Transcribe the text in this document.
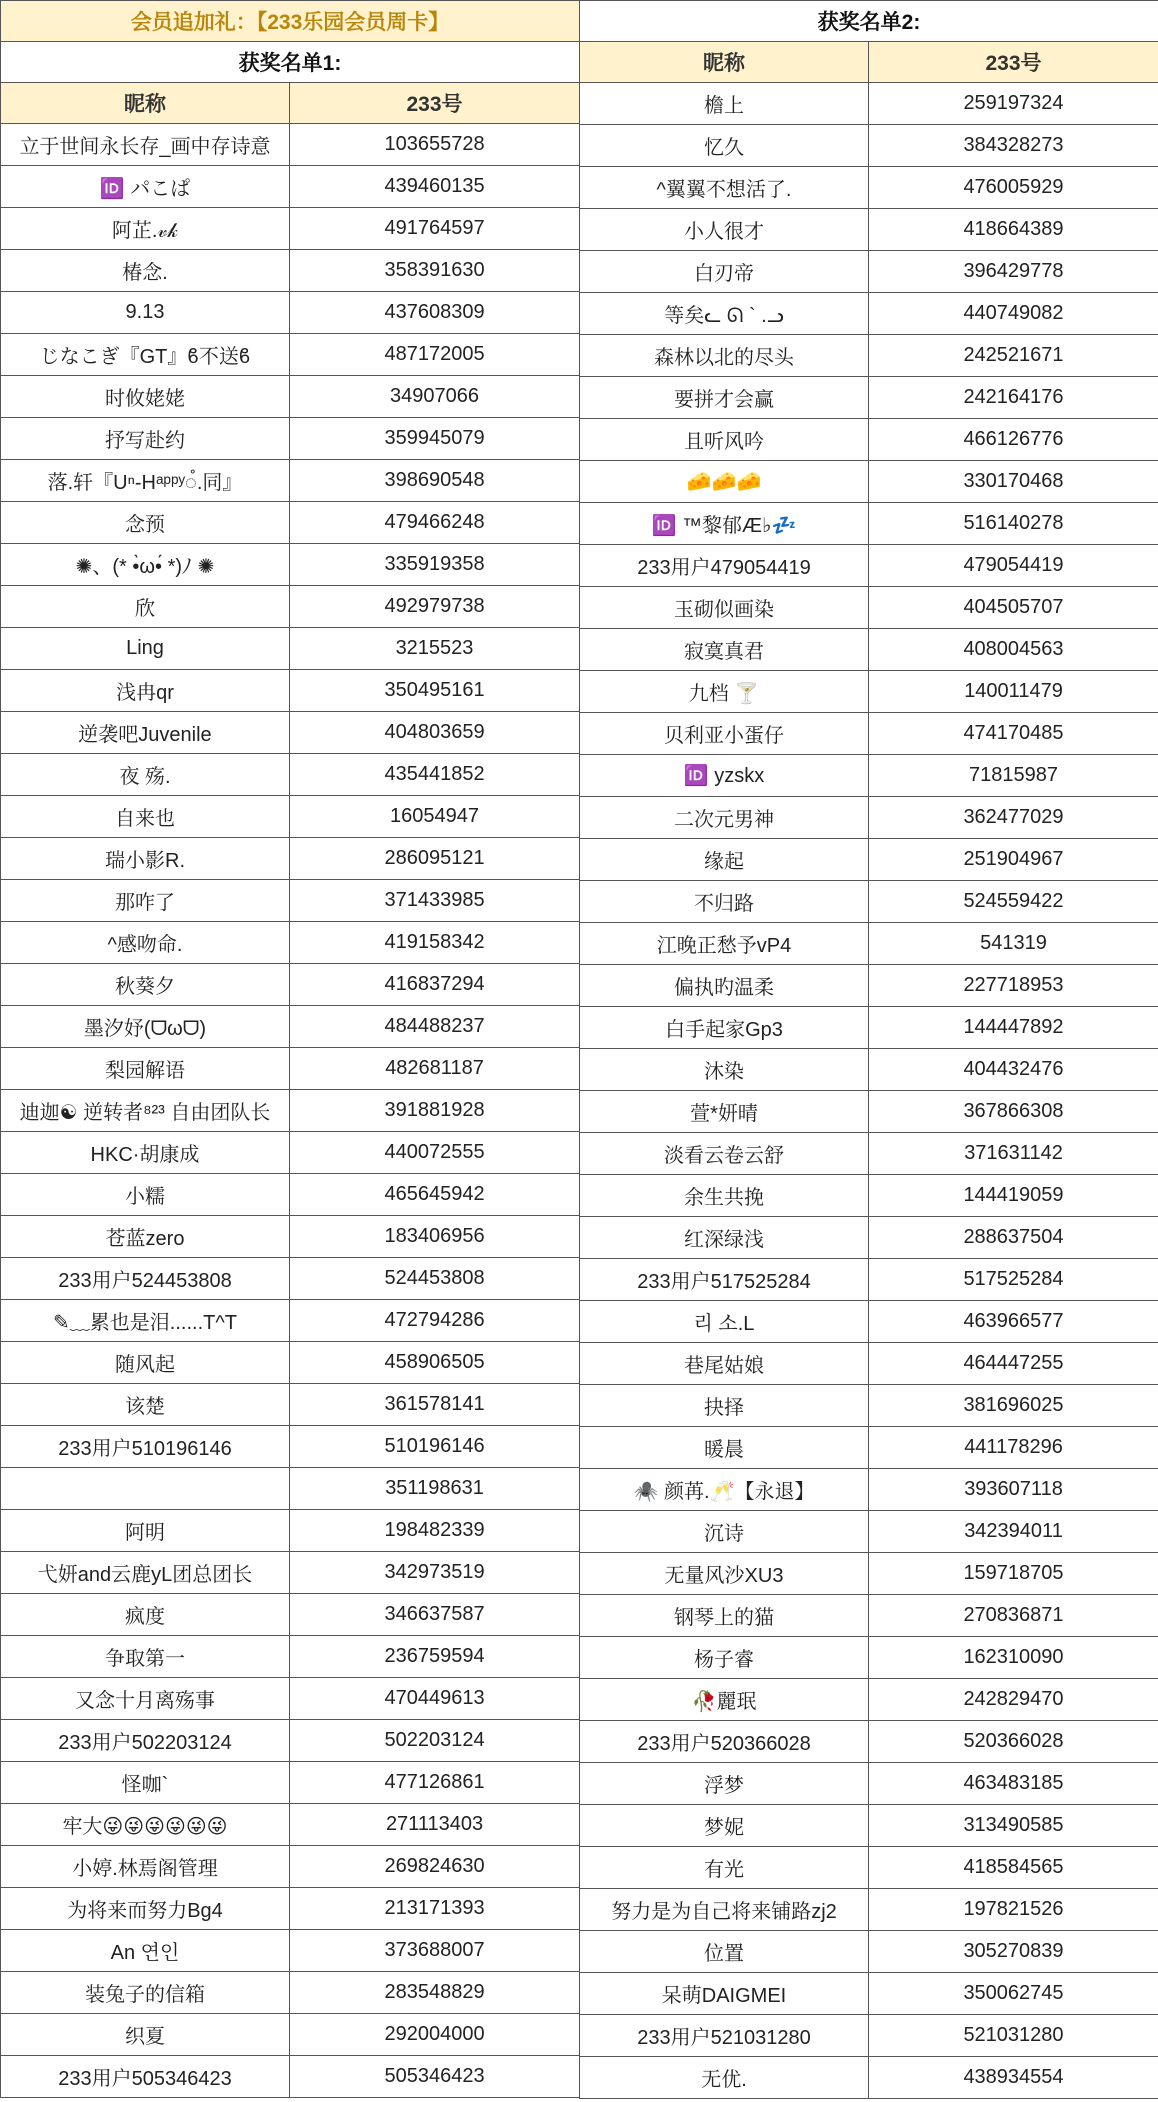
会员追加礼：【233乐园会员周卡】	
获奖名单1:	
昵称	233号
立于世间永长存_画中存诗意	103655728
🆔 パこぱ	439460135
阿芷.𝓋𝓀	491764597
椿念.	358391630
9.13	437608309
じなこぎ『GT』ϐ不送ϐ	487172005
时攸姥姥	34907066
抒写赴约	359945079
落.轩『Uⁿ-Hᵃᵖᵖʸ◌̊.同』	398690548
念预	479466248
✺、(* •̀ω•́ *)ﾉ ✺	335919358
欣	492979738
Ling	3215523
浅冉qr	350495161
逆袭吧Juvenile	404803659
夜 殇.	435441852
自来也	16054947
瑞小影R.	286095121
那咋了	371433985
^感吻命.	419158342
秋葵夕	416837294
墨汐妤(ᗜωᗜ)	484488237
梨园解语	482681187
迪迦☯ 逆转者⁸²³ 自由团队长	391881928
HKC·胡康成	440072555
小糯	465645942
苍蓝zero	183406956
233用户524453808	524453808
✎﹏累也是泪......T^T	472794286
随风起	458906505
该楚	361578141
233用户510196146	510196146
	351198631
阿明	198482339
弋妍and云鹿yL团总团长	342973519
疯度	346637587
争取第一	236759594
又念十月离殇事	470449613
233用户502203124	502203124
怪咖`	477126861
牢大😜😜😜😜😜😜	271113403
小婷.林焉阁管理	269824630
为将来而努力Bg4	213171393
An 연인	373688007
装兔子的信箱	283548829
织夏	292004000
233用户505346423	505346423
获奖名单2:	
昵称	233号
檐上	259197324
忆久	384328273
^翼翼不想活了.	476005929
小人很才	418664389
白刃帝	396429778
等矣ᓚ ᘏ ` .ᓗ	440749082
森林以北的尽头	242521671
要拼才会赢	242164176
且听风吟	466126776
🧀🧀🧀	330170468
🆔 ™黎郁Æ♭💤	516140278
233用户479054419	479054419
玉砌似画染	404505707
寂寞真君	408004563
九档 🍸	140011479
贝利亚小蛋仔	474170485
🆔 yzskx	71815987
二次元男神	362477029
缘起	251904967
不归路	524559422
江晚正愁予vP4	541319
偏执旳温柔	227718953
白手起家Gp3	144447892
沐染	404432476
萱*妍晴	367866308
淡看云卷云舒	371631142
余生共挽	144419059
红深绿浅	288637504
233用户517525284	517525284
리 소.L	463966577
巷尾姑娘	464447255
抉择	381696025
暖晨	441178296
🕷️ 颜苒.🥂【永退】	393607118
沉诗	342394011
无量风沙XU3	159718705
钢琴上的猫	270836871
杨子睿	162310090
🥀麗珉	242829470
233用户520366028	520366028
浮梦	463483185
梦妮	313490585
有光	418584565
努力是为自己将来铺路zj2	197821526
位置	305270839
呆萌DAIGMEI	350062745
233用户521031280	521031280
无优.	438934554
